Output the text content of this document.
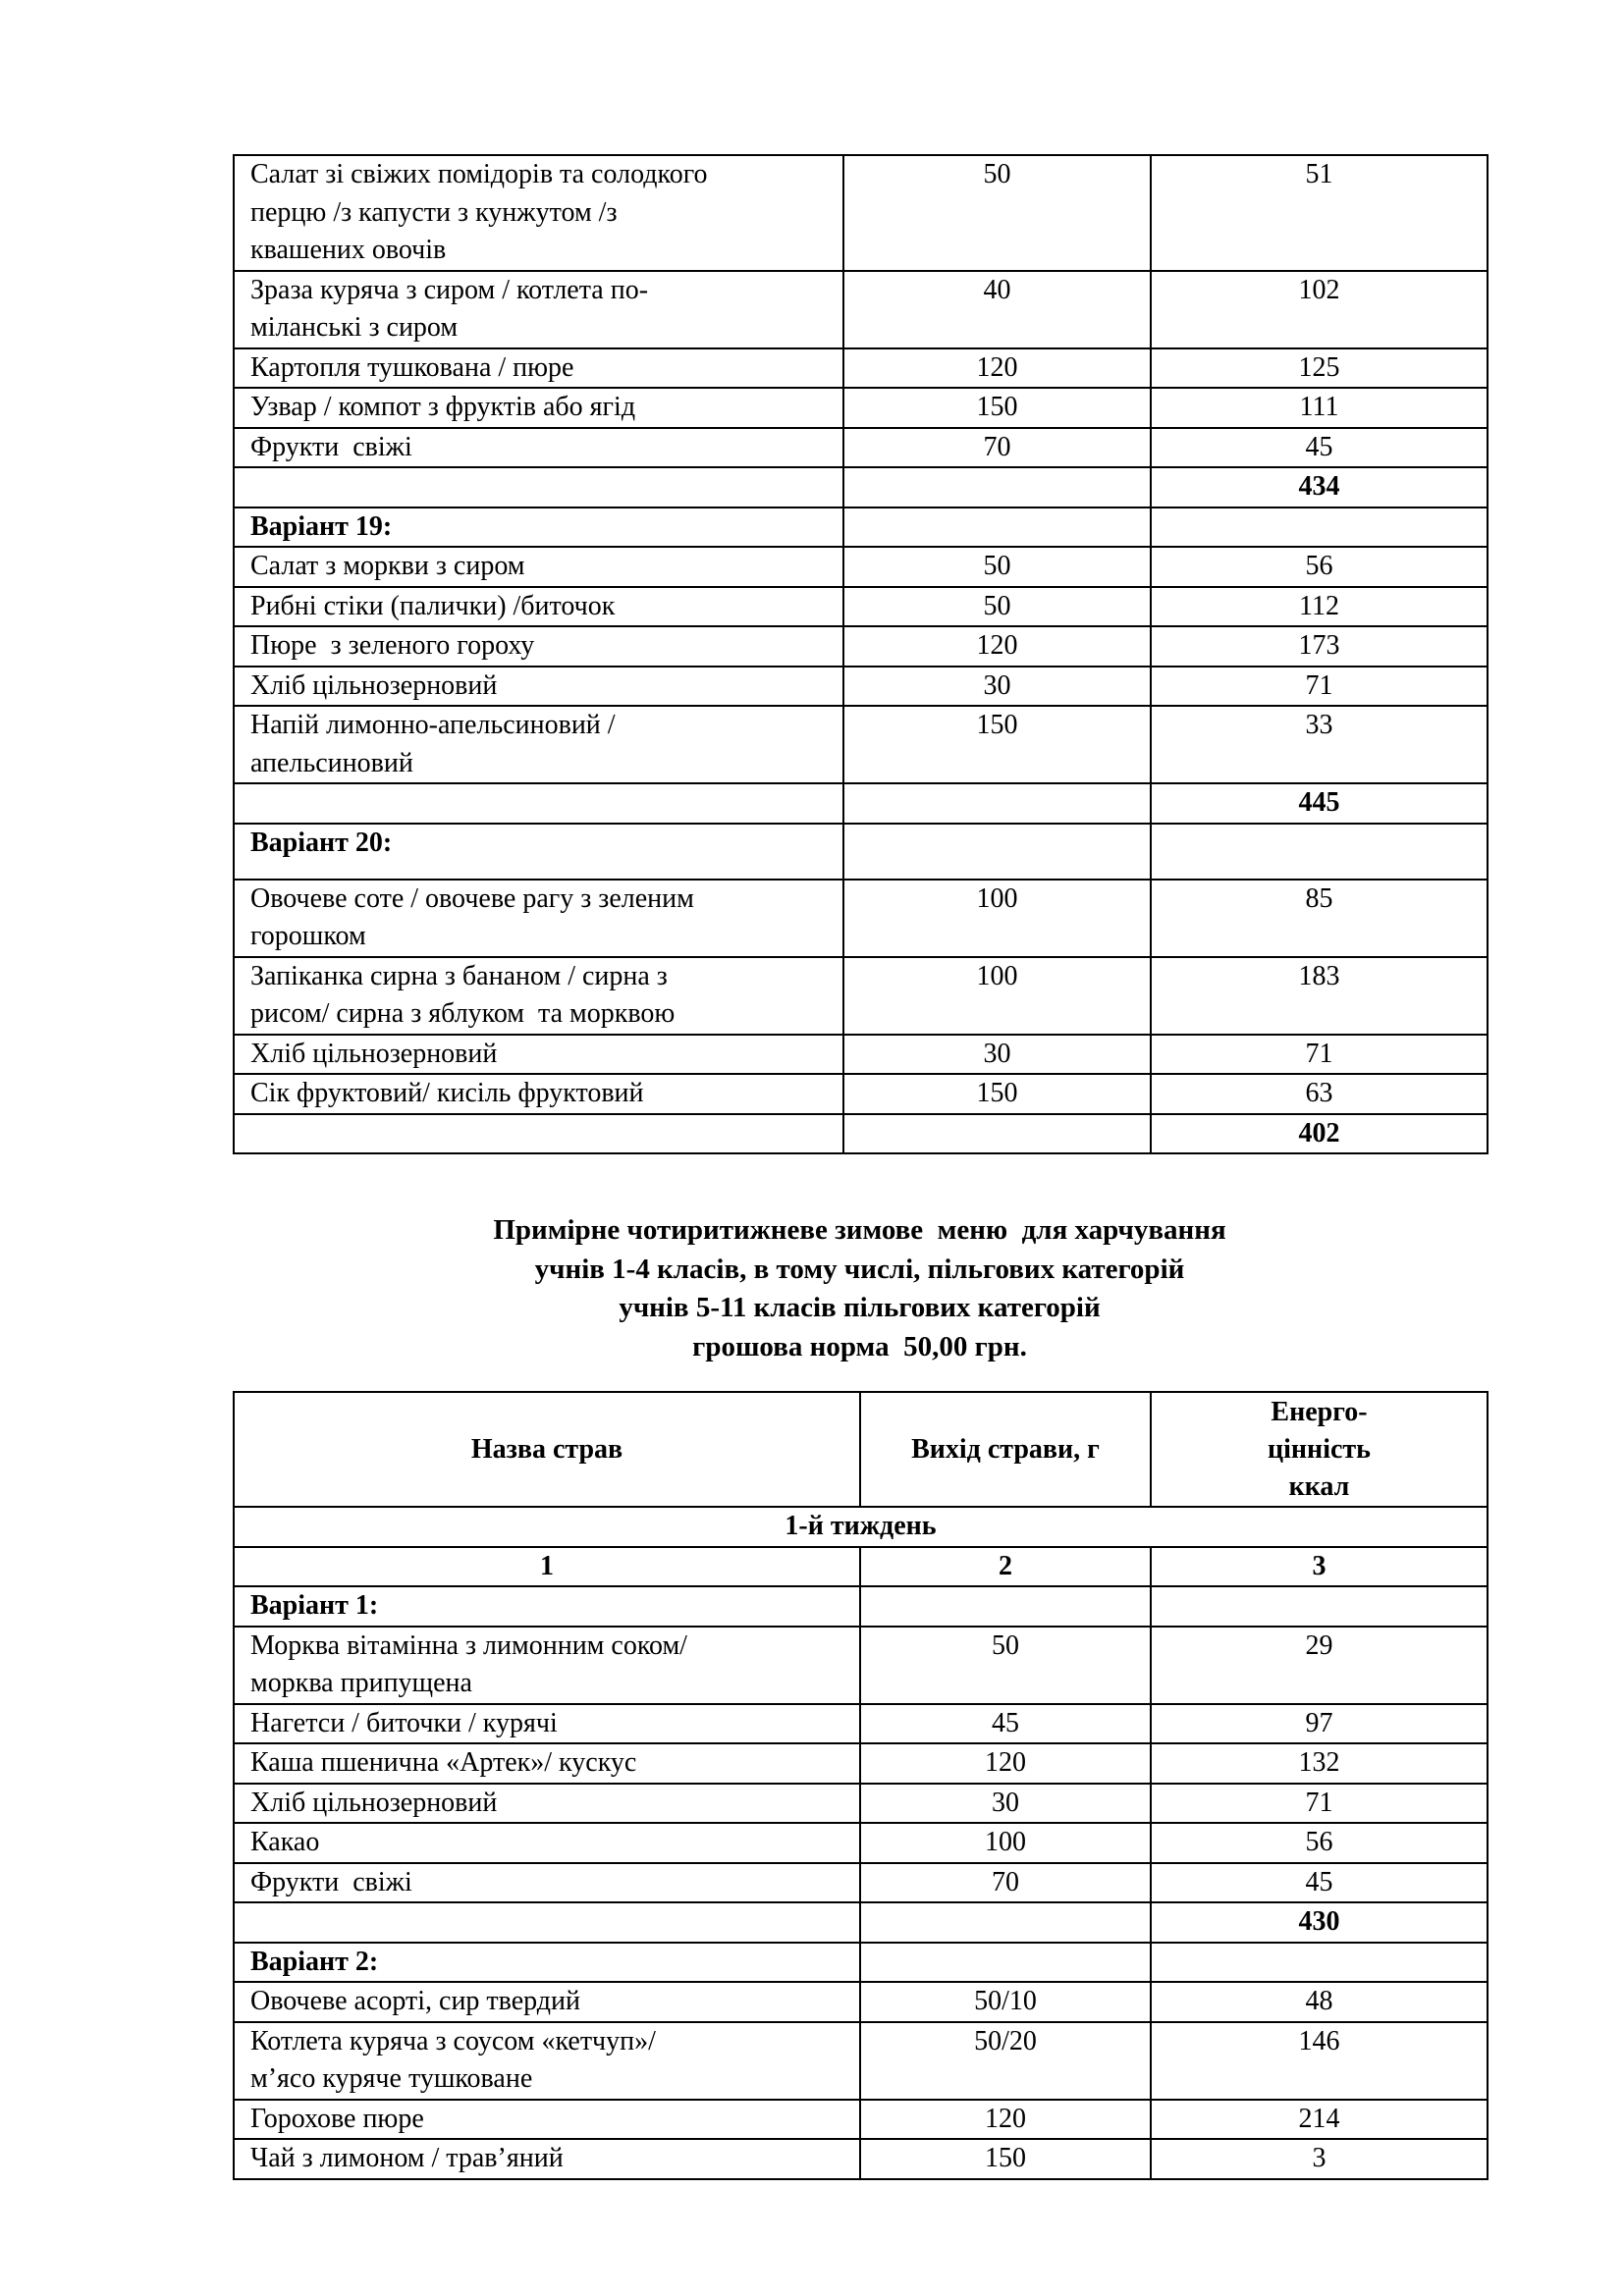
Салат зі свіжих помідорів та солодкого
перцю /з капусти з кунжутом /з
квашених овочів	50	51

Зраза куряча з сиром / котлета по-
міланські з сиром	40	102

Картопля тушкована / пюре	120	125

Узвар / компот з фруктів або ягід	150	111

Фрукти  свіжі	70	45
		434
Варіант 19:		

Салат з моркви з сиром	50	56

Рибні стіки (палички) /биточок	50	112

Пюре  з зеленого гороху	120	173

Хліб цільнозерновий	30	71

Напій лимонно-апельсиновий /
апельсиновий	150	33
		445
Варіант 20:		

Овочеве соте / овочеве рагу з зеленим
горошком	100	85

Запіканка сирна з бананом / сирна з
рисом/ сирна з яблуком  та морквою	100	183

Хліб цільнозерновий	30	71

Сік фруктовий/ кисіль фруктовий	150	63
		402
Примірне чотиритижневе зимове  меню  для харчування
учнів 1-4 класів, в тому числі, пільгових категорій
учнів 5-11 класів пільгових категорій
грошова норма  50,00 грн.
Назва страв	Вихід страви, г	Енерго-
цінність
ккал

1-й тиждень		
1	2	3
Варіант 1:		

Морква вітамінна з лимонним соком/
морква припущена	50	29

Нагетси / биточки / курячі	45	97

Каша пшенична «Артек»/ кускус	120	132

Хліб цільнозерновий	30	71

Какао	100	56

Фрукти  свіжі	70	45
		430
Варіант 2:		

Овочеве асорті, сир твердий	50/10	48

Котлета куряча з соусом «кетчуп»/
м’ясо куряче тушковане	50/20	146

Горохове пюре	120	214

Чай з лимоном / трав’яний	150	3
